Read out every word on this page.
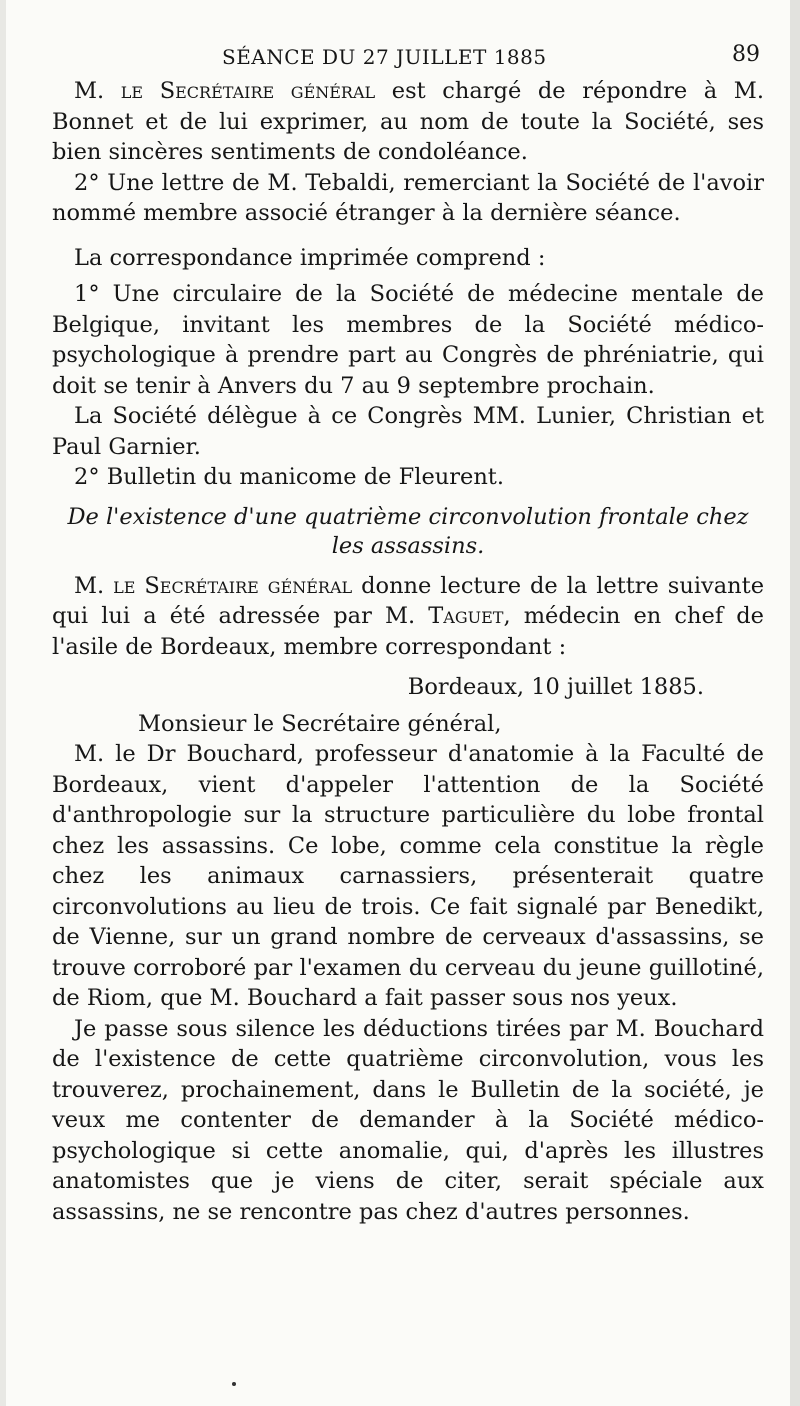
SÉANCE DU 27 JUILLET 1885	89

M. le Secrétaire général est chargé de répondre à M. Bonnet et de lui exprimer, au nom de toute la Société, ses bien sincères sentiments de condoléance.

2° Une lettre de M. Tebaldi, remerciant la Société de l'avoir nommé membre associé étranger à la dernière séance.

La correspondance imprimée comprend :

1° Une circulaire de la Société de médecine mentale de Belgique, invitant les membres de la Société médico-psychologique à prendre part au Congrès de phréniatrie, qui doit se tenir à Anvers du 7 au 9 septembre prochain.

La Société délègue à ce Congrès MM. Lunier, Christian et Paul Garnier.

2° Bulletin du manicome de Fleurent.

De l'existence d'une quatrième circonvolution frontale chez
les assassins.

M. le Secrétaire général donne lecture de la lettre suivante qui lui a été adressée par M. Taguet, médecin en chef de l'asile de Bordeaux, membre correspondant :

Bordeaux, 10 juillet 1885.

Monsieur le Secrétaire général,

M. le Dr Bouchard, professeur d'anatomie à la Faculté de Bordeaux, vient d'appeler l'attention de la Société d'anthropologie sur la structure particulière du lobe frontal chez les assassins. Ce lobe, comme cela constitue la règle chez les animaux carnassiers, présenterait quatre circonvolutions au lieu de trois. Ce fait signalé par Benedikt, de Vienne, sur un grand nombre de cerveaux d'assassins, se trouve corroboré par l'examen du cerveau du jeune guillotiné, de Riom, que M. Bouchard a fait passer sous nos yeux.

Je passe sous silence les déductions tirées par M. Bouchard de l'existence de cette quatrième circonvolution, vous les trouverez, prochainement, dans le Bulletin de la société, je veux me contenter de demander à la Société médico-psychologique si cette anomalie, qui, d'après les illustres anatomistes que je viens de citer, serait spéciale aux assassins, ne se rencontre pas chez d'autres personnes.
